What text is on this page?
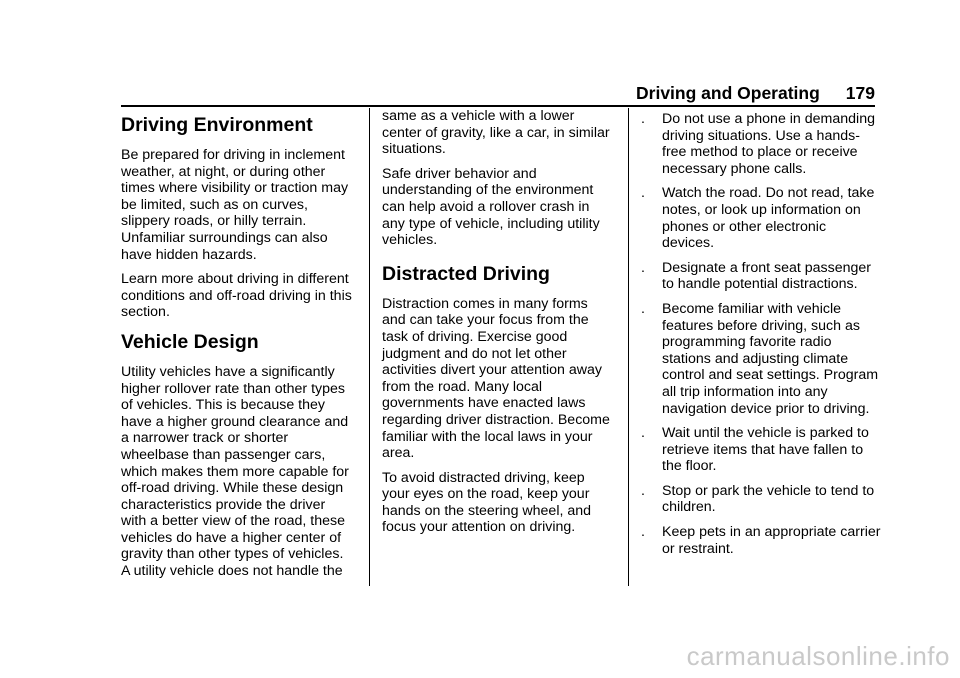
Driving and Operating 179
Driving Environment

Be prepared for driving in inclement weather, at night, or during other times where visibility or traction may be limited, such as on curves, slippery roads, or hilly terrain. Unfamiliar surroundings can also have hidden hazards.

Learn more about driving in different conditions and off-road driving in this section.

Vehicle Design

Utility vehicles have a significantly higher rollover rate than other types of vehicles. This is because they have a higher ground clearance and a narrower track or shorter wheelbase than passenger cars, which makes them more capable for off-road driving. While these design characteristics provide the driver with a better view of the road, these vehicles do have a higher center of gravity than other types of vehicles. A utility vehicle does not handle the

same as a vehicle with a lower center of gravity, like a car, in similar situations.

Safe driver behavior and understanding of the environment can help avoid a rollover crash in any type of vehicle, including utility vehicles.

Distracted Driving

Distraction comes in many forms and can take your focus from the task of driving. Exercise good judgment and do not let other activities divert your attention away from the road. Many local governments have enacted laws regarding driver distraction. Become familiar with the local laws in your area.

To avoid distracted driving, keep your eyes on the road, keep your hands on the steering wheel, and focus your attention on driving.

. Do not use a phone in demanding driving situations. Use a hands-free method to place or receive necessary phone calls.
. Watch the road. Do not read, take notes, or look up information on phones or other electronic devices.
. Designate a front seat passenger to handle potential distractions.
. Become familiar with vehicle features before driving, such as programming favorite radio stations and adjusting climate control and seat settings. Program all trip information into any navigation device prior to driving.
. Wait until the vehicle is parked to retrieve items that have fallen to the floor.
. Stop or park the vehicle to tend to children.
. Keep pets in an appropriate carrier or restraint.
carmanualsonline.info
